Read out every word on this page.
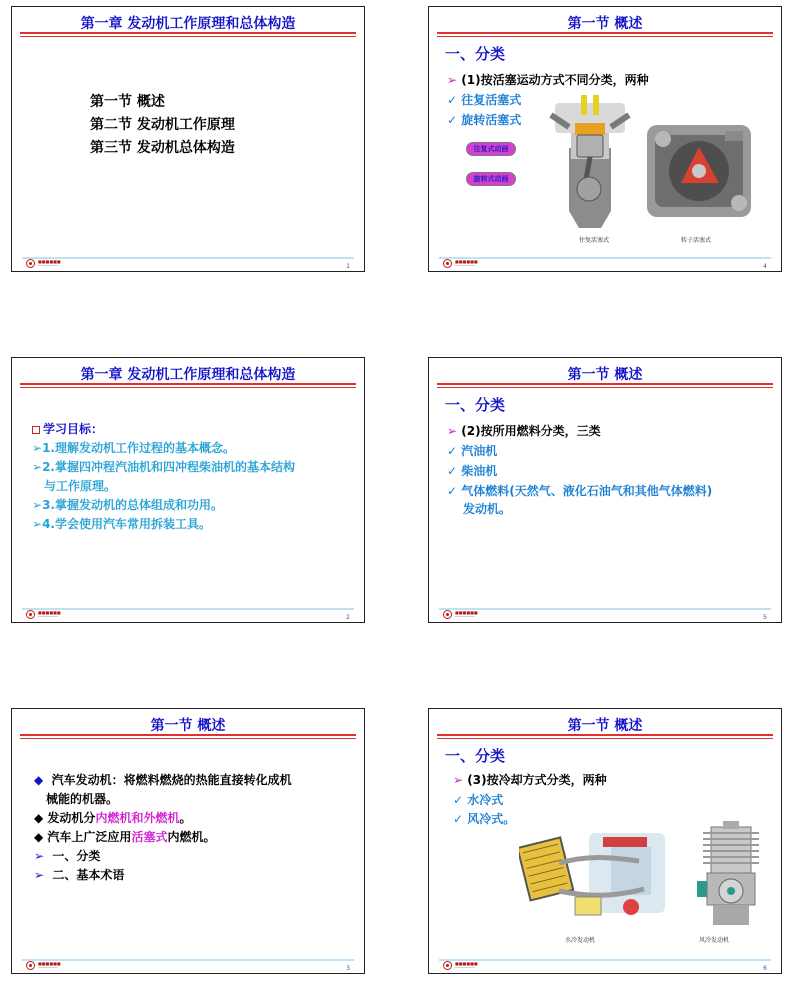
第一章 发动机工作原理和总体构造
第一节 概述
第二节 发动机工作原理
第三节 发动机总体构造
■■■■■■
───────────	1
第一节 概述
一、分类
➢ (1)按活塞运动方式不同分类，两种
✓ 往复活塞式
✓ 旋转活塞式
往复式动画
旋转式动画
往复活塞式	转子活塞式
■■■■■■
───────────	4
第一章 发动机工作原理和总体构造
学习目标：
➢1.理解发动机工作过程的基本概念。
➢2.掌握四冲程汽油机和四冲程柴油机的基本结构
与工作原理。
➢3.掌握发动机的总体组成和功用。
➢4.学会使用汽车常用拆装工具。
■■■■■■
───────────	2
第一节 概述
一、分类
➢ (2)按所用燃料分类，三类
✓ 汽油机
✓ 柴油机
✓ 气体燃料(天然气、液化石油气和其他气体燃料)
发动机。
■■■■■■
───────────	5
第一节 概述
◆ 汽车发动机：将燃料燃烧的热能直接转化成机
械能的机器。
◆ 发动机分内燃机和外燃机。
◆ 汽车上广泛应用活塞式内燃机。
➢ 一、分类
➢ 二、基本术语
■■■■■■
───────────	3
第一节 概述
一、分类
➢ (3)按冷却方式分类，两种
✓ 水冷式
✓ 风冷式。
水冷发动机	风冷发动机
■■■■■■
───────────	6
